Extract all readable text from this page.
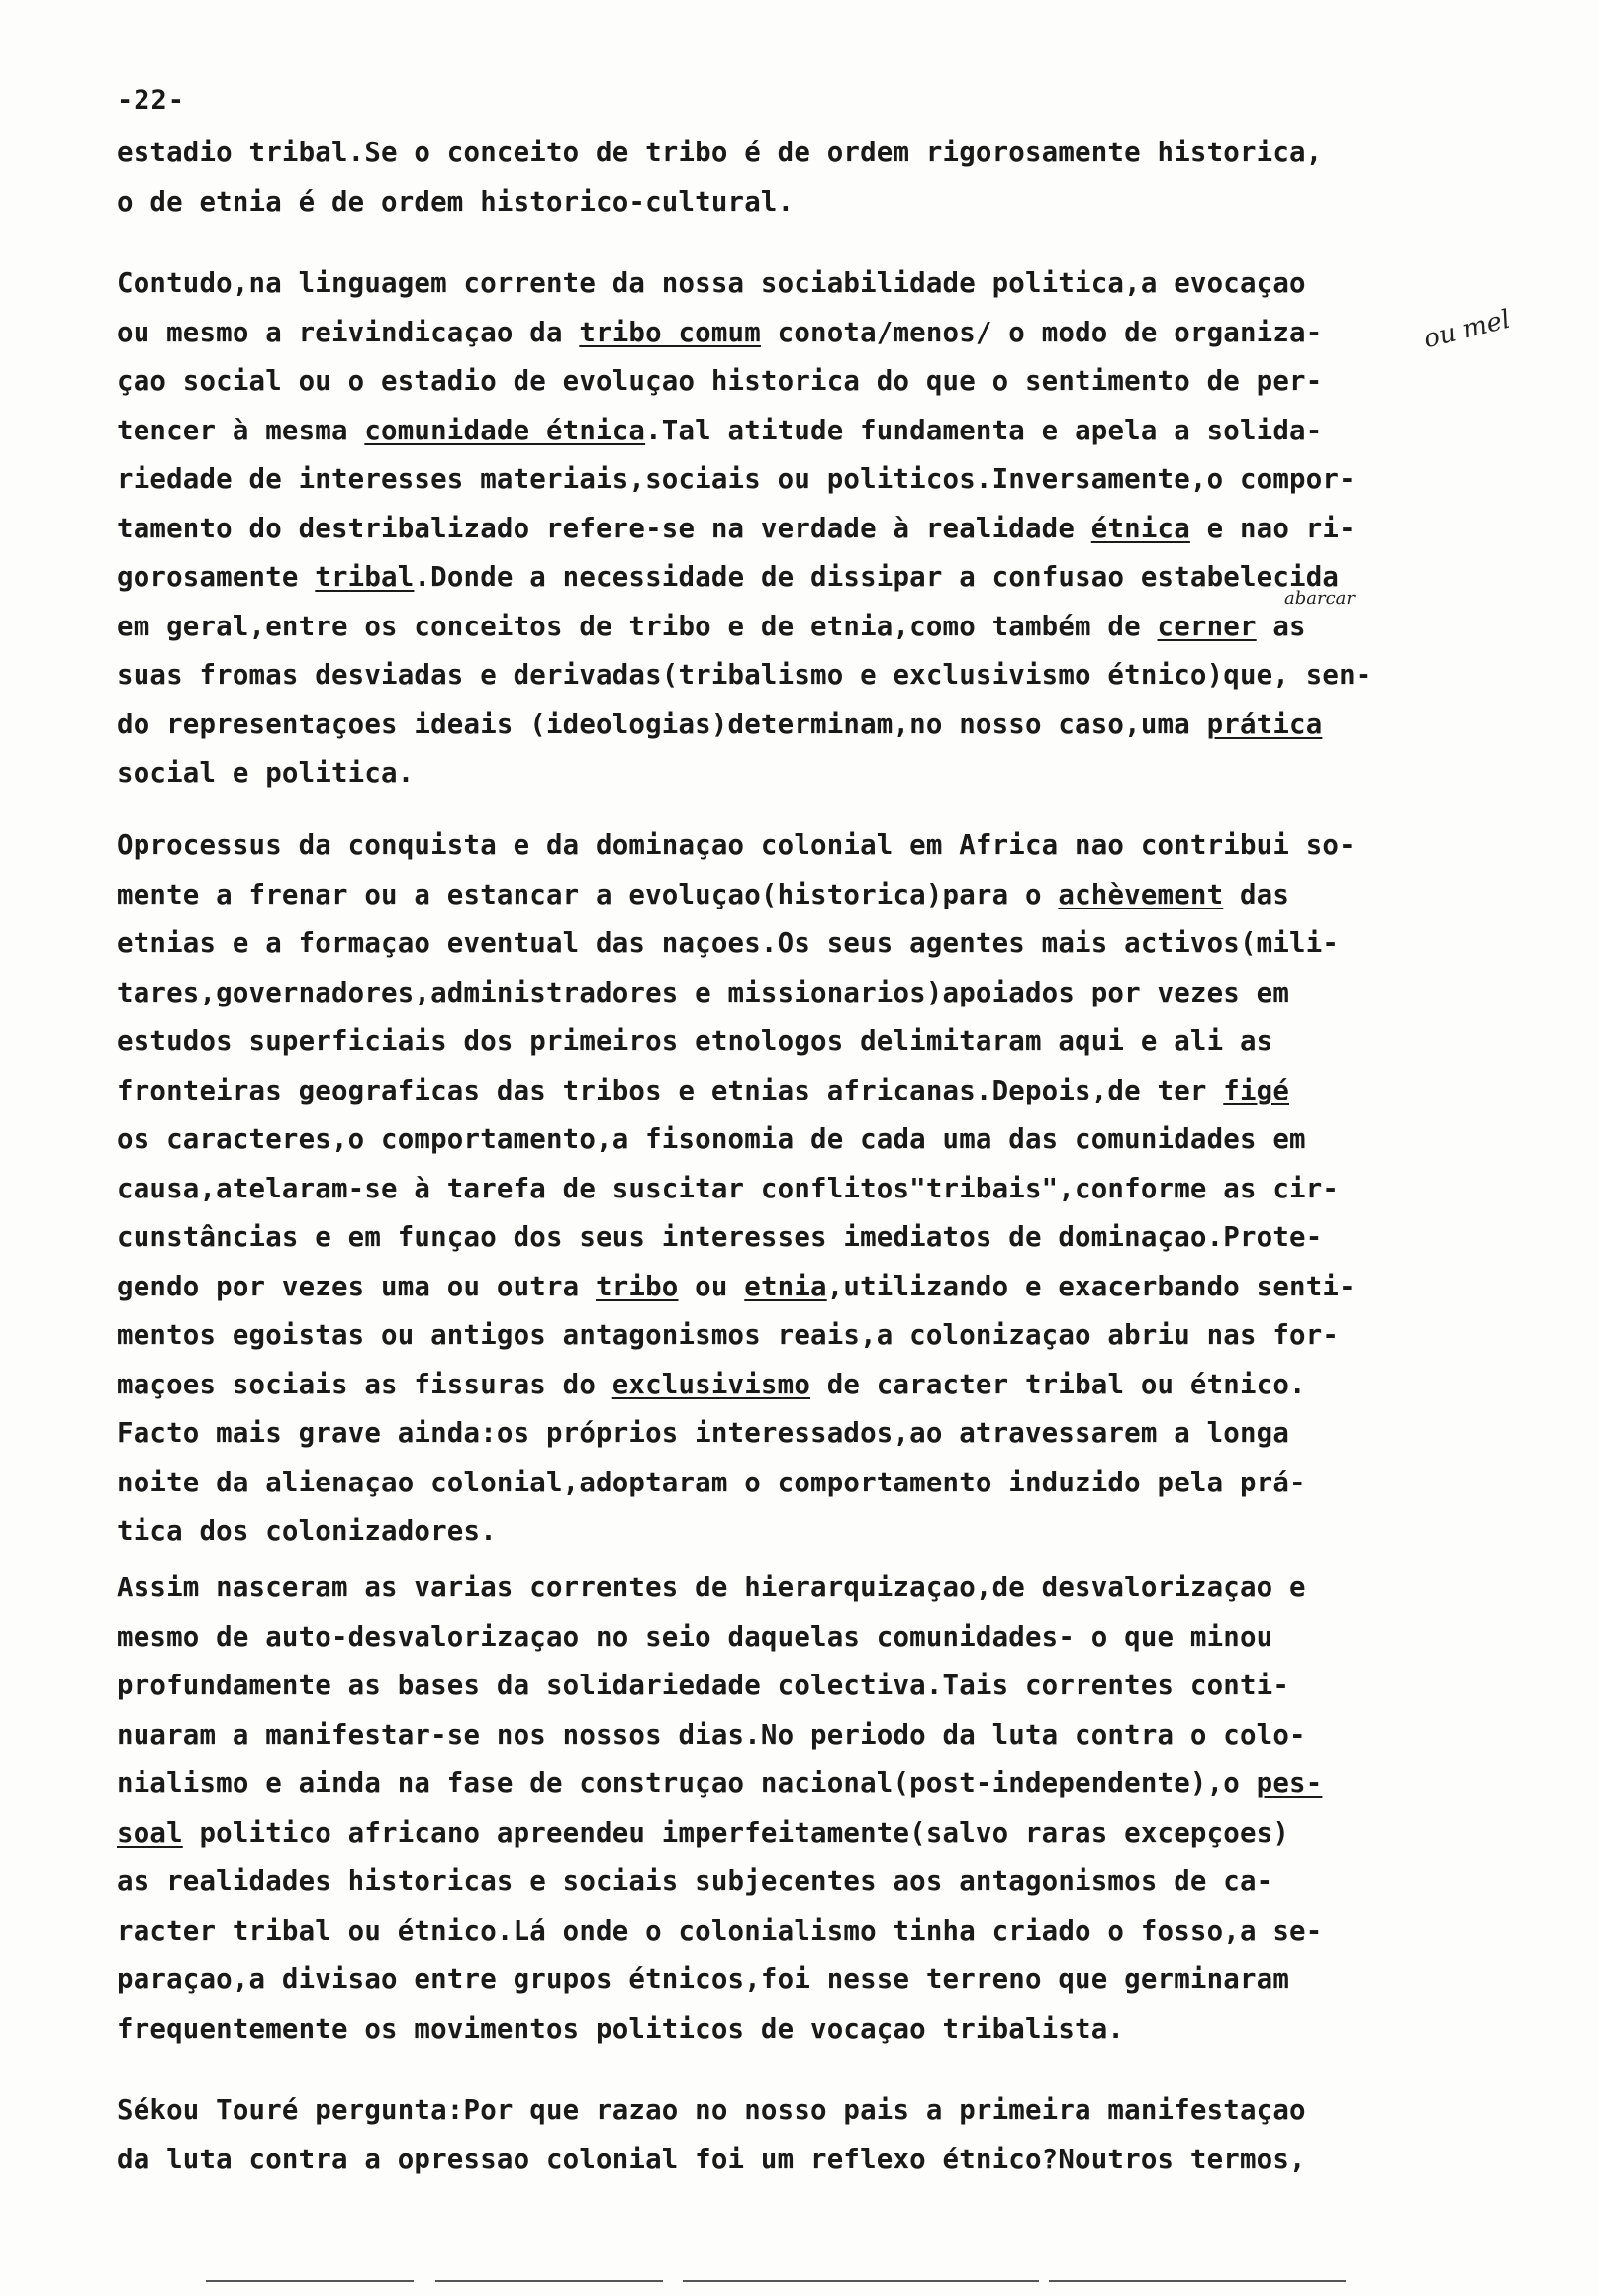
-22-
estadio tribal.Se o conceito de tribo é de ordem rigorosamente historica,
o de etnia é de ordem historico-cultural.
Contudo,na linguagem corrente da nossa sociabilidade politica,a evocaçao
ou mesmo a reivindicaçao da tribo comum conota/menos/ o modo de organiza-
çao social ou o estadio de evoluçao historica do que o sentimento de per-
tencer à mesma comunidade étnica.Tal atitude fundamenta e apela a solida-
riedade de interesses materiais,sociais ou politicos.Inversamente,o compor-
tamento do destribalizado refere-se na verdade à realidade étnica e nao ri-
gorosamente tribal.Donde a necessidade de dissipar a confusao estabelecida
em geral,entre os conceitos de tribo e de etnia,como também de cerner as
suas fromas desviadas e derivadas(tribalismo e exclusivismo étnico)que, sen-
do representaçoes ideais (ideologias)determinam,no nosso caso,uma prática
social e politica.
Oprocessus da conquista e da dominaçao colonial em Africa nao contribui so-
mente a frenar ou a estancar a evoluçao(historica)para o achèvement das
etnias e a formaçao eventual das naçoes.Os seus agentes mais activos(mili-
tares,governadores,administradores e missionarios)apoiados por vezes em
estudos superficiais dos primeiros etnologos delimitaram aqui e ali as
fronteiras geograficas das tribos e etnias africanas.Depois,de ter figé
os caracteres,o comportamento,a fisonomia de cada uma das comunidades em
causa,atelaram-se à tarefa de suscitar conflitos"tribais",conforme as cir-
cunstâncias e em funçao dos seus interesses imediatos de dominaçao.Prote-
gendo por vezes uma ou outra tribo ou etnia,utilizando e exacerbando senti-
mentos egoistas ou antigos antagonismos reais,a colonizaçao abriu nas for-
maçoes sociais as fissuras do exclusivismo de caracter tribal ou étnico.
Facto mais grave ainda:os próprios interessados,ao atravessarem a longa
noite da alienaçao colonial,adoptaram o comportamento induzido pela prá-
tica dos colonizadores.
Assim nasceram as varias correntes de hierarquizaçao,de desvalorizaçao e
mesmo de auto-desvalorizaçao no seio daquelas comunidades- o que minou
profundamente as bases da solidariedade colectiva.Tais correntes conti-
nuaram a manifestar-se nos nossos dias.No periodo da luta contra o colo-
nialismo e ainda na fase de construçao nacional(post-independente),o pes-
soal politico africano apreendeu imperfeitamente(salvo raras excepçoes)
as realidades historicas e sociais subjecentes aos antagonismos de ca-
racter tribal ou étnico.Lá onde o colonialismo tinha criado o fosso,a se-
paraçao,a divisao entre grupos étnicos,foi nesse terreno que germinaram
frequentemente os movimentos politicos de vocaçao tribalista.
Sékou Touré pergunta:Por que razao no nosso pais a primeira manifestaçao
da luta contra a opressao colonial foi um reflexo étnico?Noutros termos,
ou mel
abarcar
